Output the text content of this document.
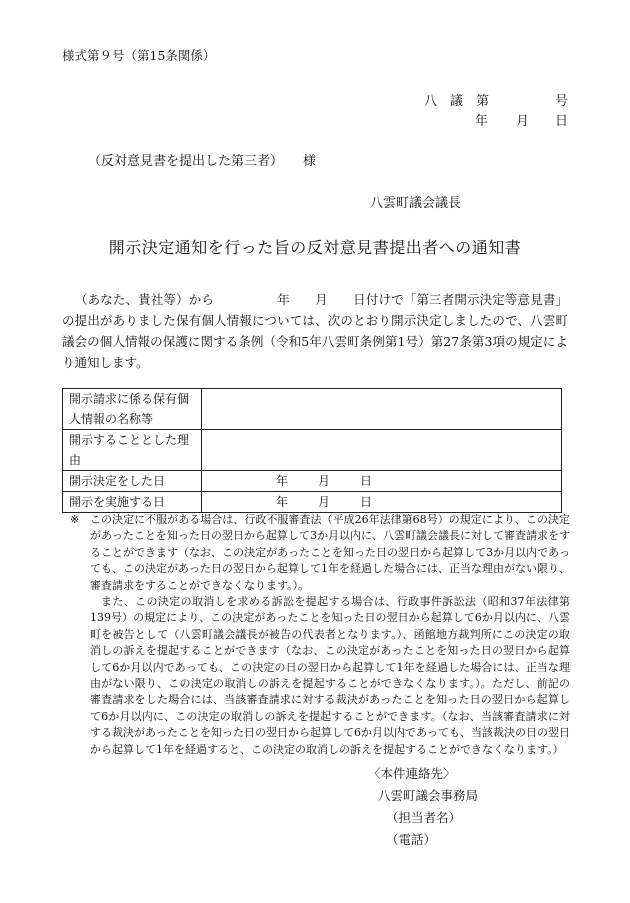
様式第９号（第15条関係）
八　議　第	号
年 月 日
（反対意見書を提出した第三者） 様
八雲町議会議長
開示決定通知を行った旨の反対意見書提出者への通知書

（あなた、貴社等）から　　　　　年　　月　　日付けで「第三者開示決定等意見書」の提出がありました保有個人情報については、次のとおり開示決定しましたので、八雲町議会の個人情報の保護に関する条例（令和5年八雲町条例第1号）第27条第3項の規定により通知します。

開示請求に係る保有個人情報の名称等	
開示することとした理由	
開示決定をした日	年 月 日
開示を実施する日	年 月 日
※ この決定に不服がある場合は、行政不服審査法（平成26年法律第68号）の規定により、この決定があったことを知った日の翌日から起算して3か月以内に、八雲町議会議長に対して審査請求をすることができます（なお、この決定があったことを知った日の翌日から起算して3か月以内であっても、この決定があった日の翌日から起算して1年を経過した場合には、正当な理由がない限り、審査請求をすることができなくなります。）。

また、この決定の取消しを求める訴訟を提起する場合は、行政事件訴訟法（昭和37年法律第139号）の規定により、この決定があったことを知った日の翌日から起算して6か月以内に、八雲町を被告として（八雲町議会議長が被告の代表者となります。）、函館地方裁判所にこの決定の取消しの訴えを提起することができます（なお、この決定があったことを知った日の翌日から起算して6か月以内であっても、この決定の日の翌日から起算して1年を経過した場合には、正当な理由がない限り、この決定の取消しの訴えを提起することができなくなります。）。ただし、前記の審査請求をした場合には、当該審査請求に対する裁決があったことを知った日の翌日から起算して6か月以内に、この決定の取消しの訴えを提起することができます。（なお、当該審査請求に対する裁決があったことを知った日の翌日から起算して6か月以内であっても、当該裁決の日の翌日から起算して1年を経過すると、この決定の取消しの訴えを提起することができなくなります。）

〈本件連絡先〉
八雲町議会事務局
（担当者名）
（電話）
